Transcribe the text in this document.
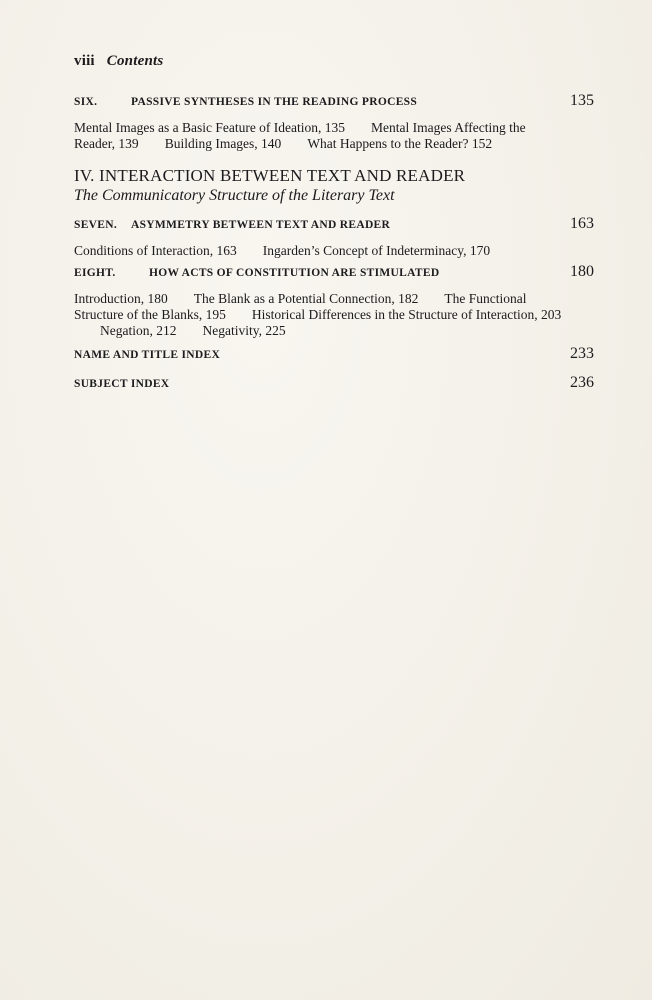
viii Contents
SIX.	PASSIVE SYNTHESES IN THE READING PROCESS	135
Mental Images as a Basic Feature of Ideation, 135 Mental Images Affecting the Reader, 139 Building Images, 140 What Happens to the Reader? 152
IV. INTERACTION BETWEEN TEXT AND READER
The Communicatory Structure of the Literary Text
SEVEN. ASYMMETRY BETWEEN TEXT AND READER	163
Conditions of Interaction, 163 Ingarden’s Concept of Indeterminacy, 170
EIGHT.	HOW ACTS OF CONSTITUTION ARE STIMULATED	180
Introduction, 180 The Blank as a Potential Connection, 182 The Functional Structure of the Blanks, 195 Historical Differences in the Structure of Interaction, 203Negation, 212 Negativity, 225
NAME AND TITLE INDEX	233
SUBJECT INDEX	236
